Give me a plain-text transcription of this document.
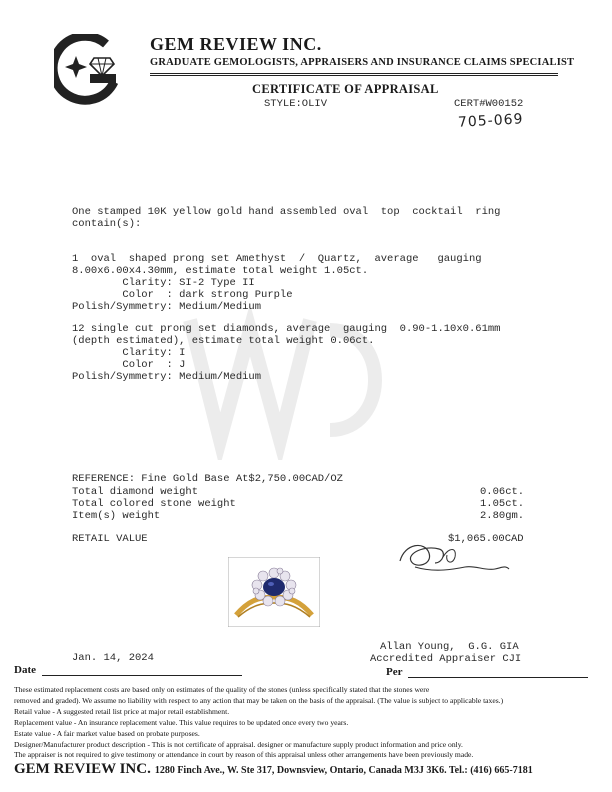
GEM REVIEW INC.
GRADUATE GEMOLOGISTS, APPRAISERS AND INSURANCE CLAIMS SPECIALIST
CERTIFICATE OF APPRAISAL
STYLE:OLIV	CERT#W00152
705-069
One stamped 10K yellow gold hand assembled oval  top  cocktail  ring
contain(s):
1  oval  shaped prong set Amethyst  /  Quartz,  average   gauging
8.00x6.00x4.30mm, estimate total weight 1.05ct.
Clarity: SI-2 Type II
Color  : dark strong Purple
Polish/Symmetry: Medium/Medium
12 single cut prong set diamonds, average  gauging  0.90-1.10x0.61mm
(depth estimated), estimate total weight 0.06ct.
Clarity: I
Color  : J
Polish/Symmetry: Medium/Medium
REFERENCE: Fine Gold Base At$2,750.00CAD/OZ
Total diamond weight	0.06ct.
Total colored stone weight	1.05ct.
Item(s) weight	2.80gm.
RETAIL VALUE	$1,065.00CAD
Jan. 14, 2024
Allan Young,  G.G. GIA
Accredited Appraiser CJI
Date	Per
These estimated replacement costs are based only on estimates of the quality of the stones (unless specifically stated that the stones were
removed and graded). We assume no liability with respect to any action that may be taken on the basis of the appraisal. (The value is subject to applicable taxes.)
Retail value - A suggested retail list price at major retail establishment.
Replacement value - An insurance replacement value. This value requires to be updated once every two years.
Estate value - A fair market value based on probate purposes.
Designer/Manufacturer product description - This is not certificate of appraisal. designer or manufacture supply product information and price only.
The appraiser is not required to give testimony or attendance in court by reason of this appraisal unless other arrangements have been previously made.
GEM REVIEW INC. 1280 Finch Ave., W. Ste 317, Downsview, Ontario, Canada M3J 3K6. Tel.: (416) 665-7181
